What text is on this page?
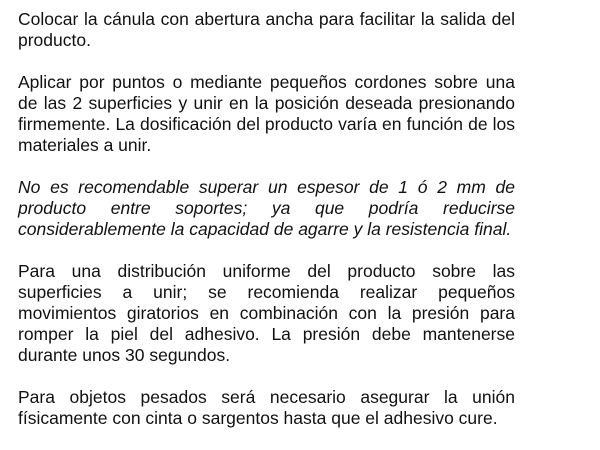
Colocar la cánula con abertura ancha para facilitar la salida del producto.

Aplicar por puntos o mediante pequeños cordones sobre una de las 2 superficies y unir en la posición deseada presionando firmemente. La dosificación del producto varía en función de los materiales a unir.

No es recomendable superar un espesor de 1 ó 2 mm de producto entre soportes; ya que podría reducirse considerablemente la capacidad de agarre y la resistencia final.

Para una distribución uniforme del producto sobre las superficies a unir; se recomienda realizar pequeños movimientos giratorios en combinación con la presión para romper la piel del adhesivo. La presión debe mantenerse durante unos 30 segundos.

Para objetos pesados será necesario asegurar la unión físicamente con cinta o sargentos hasta que el adhesivo cure.
